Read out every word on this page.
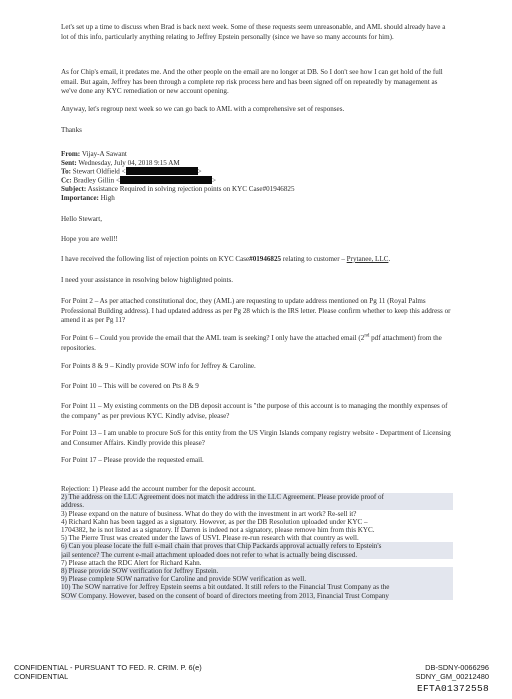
Let's set up a time to discuss when Brad is back next week. Some of these requests seem unreasonable, and AML should already have a lot of this info, particularly anything relating to Jeffrey Epstein personally (since we have so many accounts for him).

As for Chip's email, it predates me. And the other people on the email are no longer at DB. So I don't see how I can get hold of the full email. But again, Jeffrey has been through a complete rep risk process here and has been signed off on repeatedly by management as we've done any KYC remediation or new account opening.

Anyway, let's regroup next week so we can go back to AML with a comprehensive set of responses.

Thanks

From: Vijay-A Sawant
Sent: Wednesday, July 04, 2018 9:15 AM
To: Stewart Oldfield <	>
Cc: Bradley Gillin <	>
Subject: Assistance Required in solving rejection points on KYC Case#01946825
Importance: High

Hello Stewart,

Hope you are well!!

I have received the following list of rejection points on KYC Case#01946825 relating to customer – Prytanee, LLC.

I need your assistance in resolving below highlighted points.

For Point 2 – As per attached constitutional doc, they (AML) are requesting to update address mentioned on Pg 11 (Royal Palms Professional Building address). I had updated address as per Pg 28 which is the IRS letter. Please confirm whether to keep this address or amend it as per Pg 11?

For Point 6 – Could you provide the email that the AML team is seeking? I only have the attached email (2nd pdf attachment) from the repositories.

For Points 8 & 9 – Kindly provide SOW info for Jeffrey & Caroline.

For Point 10 – This will be covered on Pts 8 & 9

For Point 11 – My existing comments on the DB deposit account is "the purpose of this account is to managing the monthly expenses of the company" as per previous KYC. Kindly advise, please?

For Point 13 – I am unable to procure SoS for this entity from the US Virgin Islands company registry website - Department of Licensing and Consumer Affairs. Kindly provide this please?

For Point 17 – Please provide the requested email.

Rejection: 1) Please add the account number for the deposit account.
2) The address on the LLC Agreement does not match the address in the LLC Agreement. Please provide proof of
address.
3) Please expand on the nature of business. What do they do with the investment in art work? Re-sell it?
4) Richard Kahn has been tagged as a signatory. However, as per the DB Resolution uploaded under KYC –
1704382, he is not listed as a signatory. If Darren is indeed not a signatory, please remove him from this KYC.
5) The Pierre Trust was created under the laws of USVI. Please re-run research with that country as well.
6) Can you please locate the full e-mail chain that proves that Chip Packards approval actually refers to Epstein's
jail sentence? The current e-mail attachment uploaded does not refer to what is actually being discussed.
7) Please attach the RDC Alert for Richard Kahn.
8) Please provide SOW verification for Jeffrey Epstein.
9) Please complete SOW narrative for Caroline and provide SOW verification as well.
10) The SOW narrative for Jeffrey Epstein seems a bit outdated. It still refers to the Financial Trust Company as the
SOW Company. However, based on the consent of board of directors meeting from 2013, Financial Trust Company
CONFIDENTIAL - PURSUANT TO FED. R. CRIM. P. 6(e)
CONFIDENTIAL
DB-SDNY-0066296
SDNY_GM_00212480
EFTA01372558
